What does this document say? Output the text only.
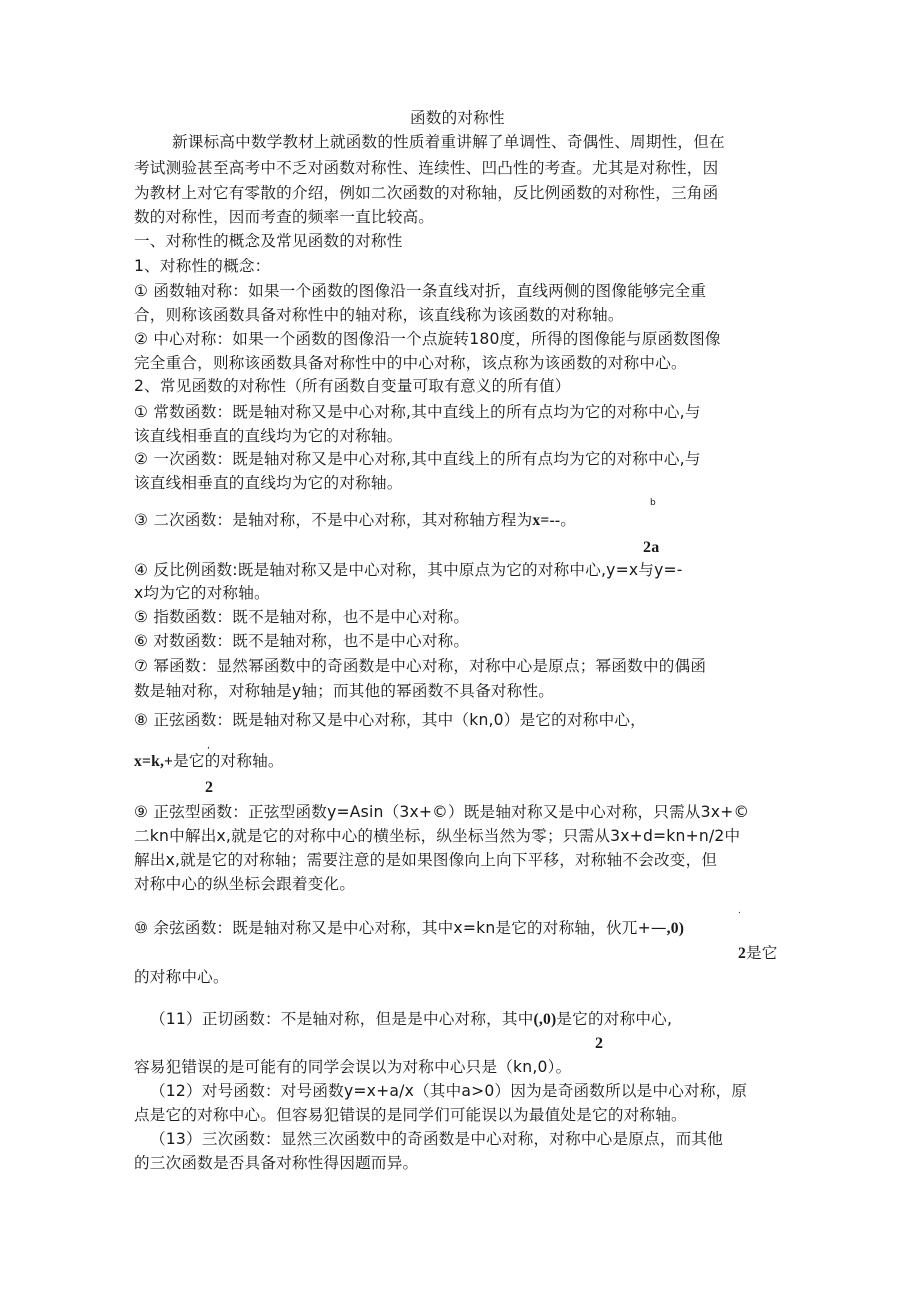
函数的对称性
新课标高中数学教材上就函数的性质着重讲解了单调性、奇偶性、周期性，但在
考试测验甚至高考中不乏对函数对称性、连续性、凹凸性的考查。尤其是对称性，因
为教材上对它有零散的介绍，例如二次函数的对称轴，反比例函数的对称性，三角函
数的对称性，因而考查的频率一直比较高。
一、对称性的概念及常见函数的对称性
1、对称性的概念：
① 函数轴对称：如果一个函数的图像沿一条直线对折，直线两侧的图像能够完全重
合，则称该函数具备对称性中的轴对称，该直线称为该函数的对称轴。
② 中心对称：如果一个函数的图像沿一个点旋转180度，所得的图像能与原函数图像
完全重合，则称该函数具备对称性中的中心对称，该点称为该函数的对称中心。
2、常见函数的对称性（所有函数自变量可取有意义的所有值）
① 常数函数：既是轴对称又是中心对称,其中直线上的所有点均为它的对称中心,与
该直线相垂直的直线均为它的对称轴。
② 一次函数：既是轴对称又是中心对称,其中直线上的所有点均为它的对称中心,与
该直线相垂直的直线均为它的对称轴。
③ 二次函数：是轴对称，不是中心对称，其对称轴方程为x=--。
b
2a
④ 反比例函数:既是轴对称又是中心对称，其中原点为它的对称中心,y=x与y=-
x均为它的对称轴。
⑤ 指数函数：既不是轴对称，也不是中心对称。
⑥ 对数函数：既不是轴对称，也不是中心对称。
⑦ 幂函数：显然幂函数中的奇函数是中心对称，对称中心是原点；幂函数中的偶函
数是轴对称，对称轴是y轴；而其他的幂函数不具备对称性。
⑧ 正弦函数：既是轴对称又是中心对称，其中（kn,0）是它的对称中心，
x=k,+是它的对称轴。
,
2
⑨ 正弦型函数：正弦型函数y=Asin（3x+©）既是轴对称又是中心对称，只需从3x+©
二kn中解出x,就是它的对称中心的横坐标，纵坐标当然为零；只需从3x+d=kn+n/2中
解出x,就是它的对称轴；需要注意的是如果图像向上向下平移，对称轴不会改变，但
对称中心的纵坐标会跟着变化。
⑩ 余弦函数：既是轴对称又是中心对称，其中x=kn是它的对称轴，伙兀+—,0)
.
2是它
的对称中心。
（11）正切函数：不是轴对称，但是是中心对称，其中(,0)是它的对称中心,
2
容易犯错误的是可能有的同学会误以为对称中心只是（kn,0）。
（12）对号函数：对号函数y=x+a/x（其中a>0）因为是奇函数所以是中心对称，原
点是它的对称中心。但容易犯错误的是同学们可能误以为最值处是它的对称轴。
（13）三次函数：显然三次函数中的奇函数是中心对称，对称中心是原点，而其他
的三次函数是否具备对称性得因题而异。
